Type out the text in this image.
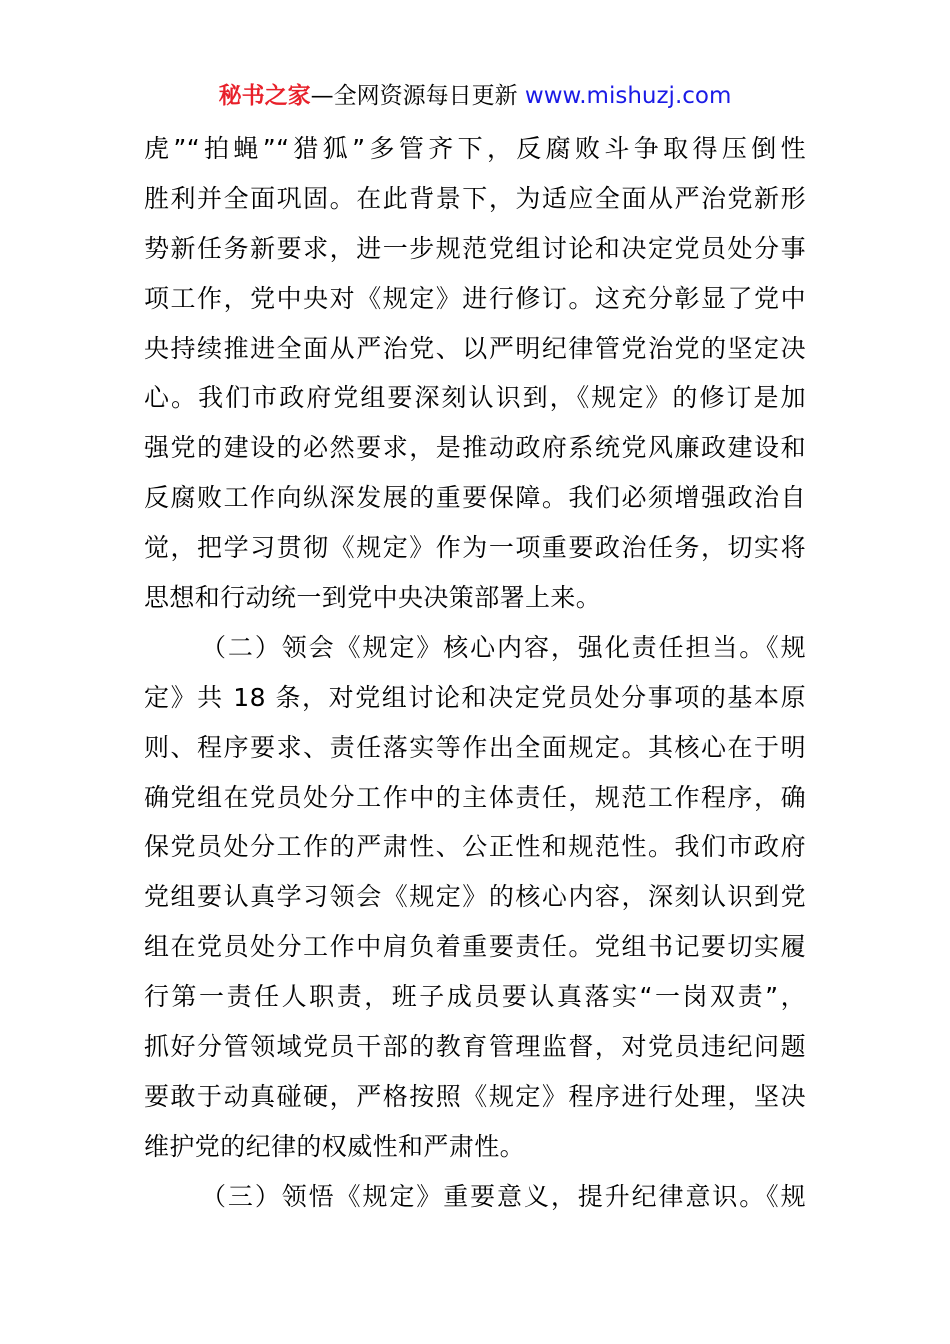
秘书之家—全网资源每日更新 www.mishuzj.com
虎”“拍蝇”“猎狐”多管齐下，反腐败斗争取得压倒性
胜利并全面巩固。在此背景下，为适应全面从严治党新形
势新任务新要求，进一步规范党组讨论和决定党员处分事
项工作，党中央对《规定》进行修订。这充分彰显了党中
央持续推进全面从严治党、以严明纪律管党治党的坚定决
心。我们市政府党组要深刻认识到，《规定》的修订是加
强党的建设的必然要求，是推动政府系统党风廉政建设和
反腐败工作向纵深发展的重要保障。我们必须增强政治自
觉，把学习贯彻《规定》作为一项重要政治任务，切实将
思想和行动统一到党中央决策部署上来。
（二）领会《规定》核心内容，强化责任担当。《规
定》共 18 条，对党组讨论和决定党员处分事项的基本原
则、程序要求、责任落实等作出全面规定。其核心在于明
确党组在党员处分工作中的主体责任，规范工作程序，确
保党员处分工作的严肃性、公正性和规范性。我们市政府
党组要认真学习领会《规定》的核心内容，深刻认识到党
组在党员处分工作中肩负着重要责任。党组书记要切实履
行第一责任人职责，班子成员要认真落实“一岗双责”，
抓好分管领域党员干部的教育管理监督，对党员违纪问题
要敢于动真碰硬，严格按照《规定》程序进行处理，坚决
维护党的纪律的权威性和严肃性。
（三）领悟《规定》重要意义，提升纪律意识。《规
